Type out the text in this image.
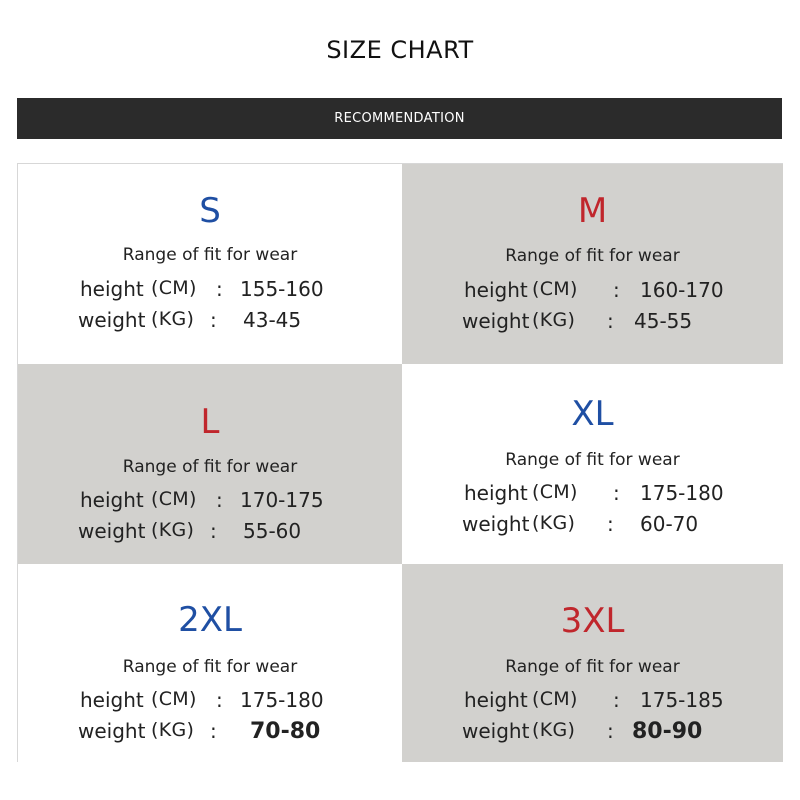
SIZE CHART
RECOMMENDATION
S
Range of fit for wear
height (CM) : 155-160
weight (KG) : 43-45
M
Range of fit for wear
height (CM) : 160-170
weight (KG) : 45-55
L
Range of fit for wear
height (CM) : 170-175
weight (KG) : 55-60
XL
Range of fit for wear
height (CM) : 175-180
weight (KG) : 60-70
2XL
Range of fit for wear
height (CM) : 175-180
weight (KG) : 70-80
3XL
Range of fit for wear
height (CM) : 175-185
weight (KG) : 80-90
